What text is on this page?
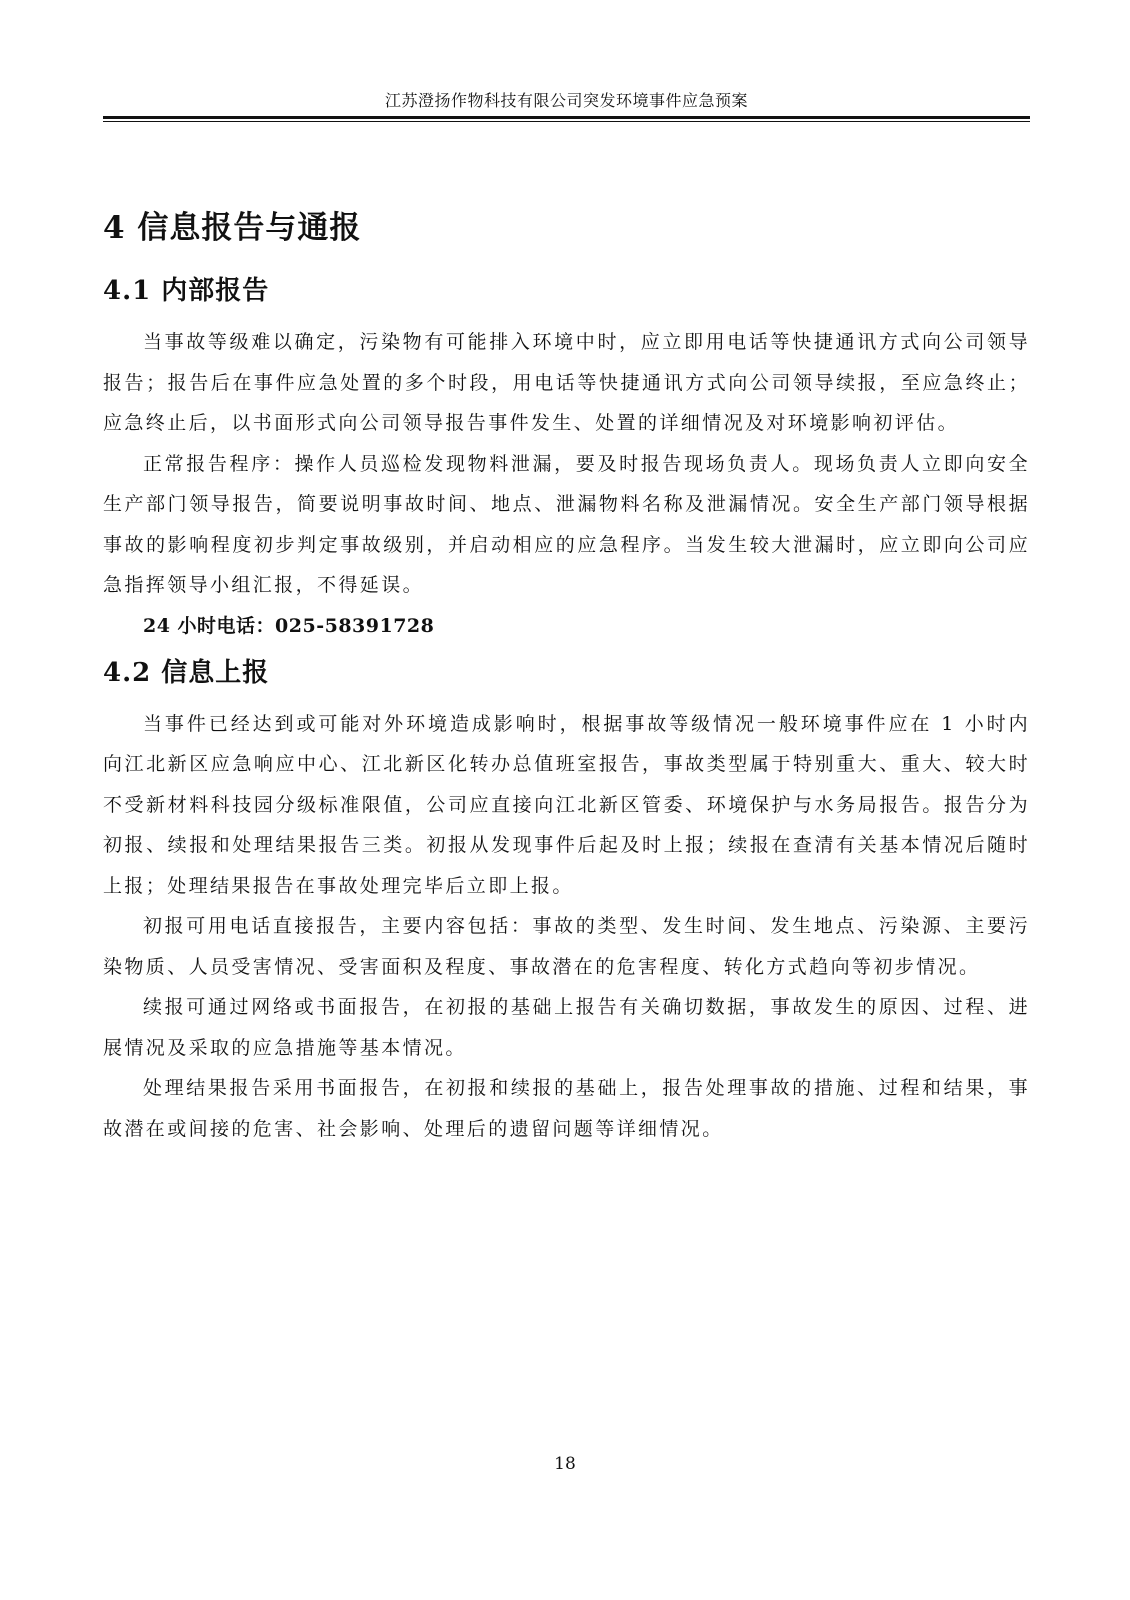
江苏澄扬作物科技有限公司突发环境事件应急预案
4 信息报告与通报
4.1 内部报告

当事故等级难以确定，污染物有可能排入环境中时，应立即用电话等快捷通讯方式向公司领导报告；报告后在事件应急处置的多个时段，用电话等快捷通讯方式向公司领导续报，至应急终止；应急终止后，以书面形式向公司领导报告事件发生、处置的详细情况及对环境影响初评估。

正常报告程序：操作人员巡检发现物料泄漏，要及时报告现场负责人。现场负责人立即向安全生产部门领导报告，简要说明事故时间、地点、泄漏物料名称及泄漏情况。安全生产部门领导根据事故的影响程度初步判定事故级别，并启动相应的应急程序。当发生较大泄漏时，应立即向公司应急指挥领导小组汇报，不得延误。

24 小时电话：025-58391728

4.2 信息上报

当事件已经达到或可能对外环境造成影响时，根据事故等级情况一般环境事件应在 1 小时内向江北新区应急响应中心、江北新区化转办总值班室报告，事故类型属于特别重大、重大、较大时不受新材料科技园分级标准限值，公司应直接向江北新区管委、环境保护与水务局报告。报告分为初报、续报和处理结果报告三类。初报从发现事件后起及时上报；续报在查清有关基本情况后随时上报；处理结果报告在事故处理完毕后立即上报。

初报可用电话直接报告，主要内容包括：事故的类型、发生时间、发生地点、污染源、主要污染物质、人员受害情况、受害面积及程度、事故潜在的危害程度、转化方式趋向等初步情况。

续报可通过网络或书面报告，在初报的基础上报告有关确切数据，事故发生的原因、过程、进展情况及采取的应急措施等基本情况。

处理结果报告采用书面报告，在初报和续报的基础上，报告处理事故的措施、过程和结果，事故潜在或间接的危害、社会影响、处理后的遗留问题等详细情况。

18
